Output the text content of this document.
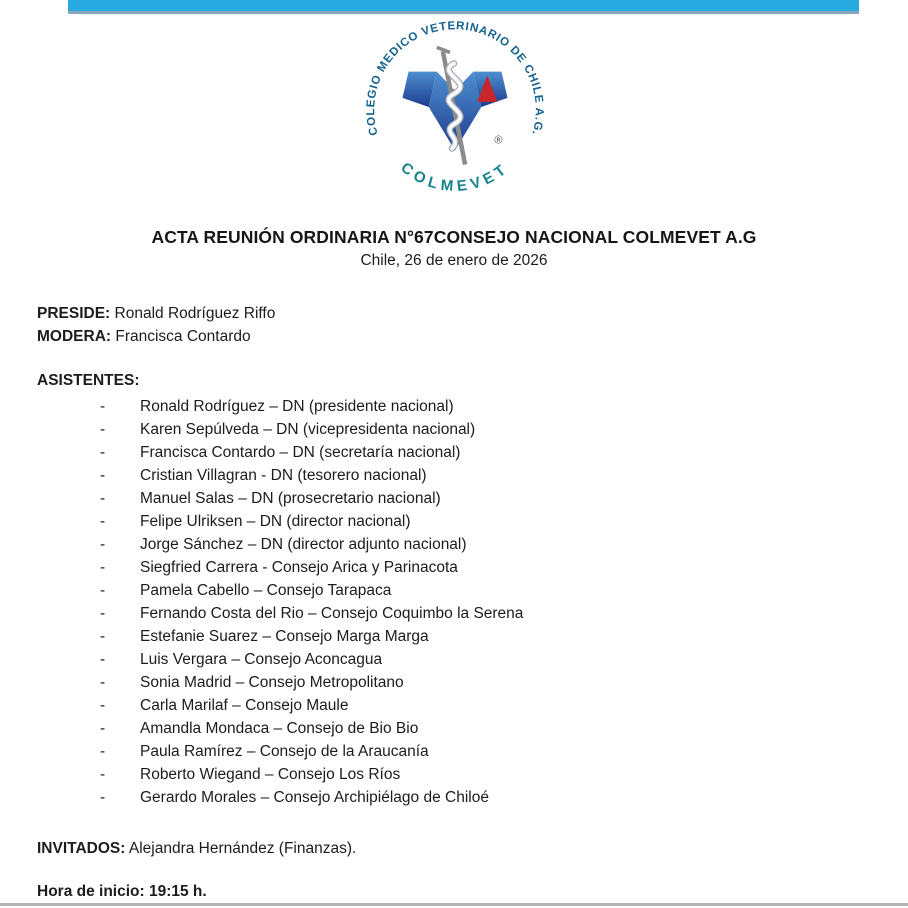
COLEGIO MEDICO VETERINARIO DE CHILE A.G.
COLMEVET
®
ACTA REUNIÓN ORDINARIA N°67CONSEJO NACIONAL COLMEVET A.G
Chile, 26 de enero de 2026
PRESIDE: Ronald Rodríguez Riffo
MODERA: Francisca Contardo
ASISTENTES:
- Ronald Rodríguez – DN (presidente nacional)
- Karen Sepúlveda – DN (vicepresidenta nacional)
- Francisca Contardo – DN (secretaría nacional)
- Cristian Villagran - DN (tesorero nacional)
- Manuel Salas – DN (prosecretario nacional)
- Felipe Ulriksen – DN (director nacional)
- Jorge Sánchez – DN (director adjunto nacional)
- Siegfried Carrera - Consejo Arica y Parinacota
- Pamela Cabello – Consejo Tarapaca
- Fernando Costa del Rio – Consejo Coquimbo la Serena
- Estefanie Suarez – Consejo Marga Marga
- Luis Vergara – Consejo Aconcagua
- Sonia Madrid – Consejo Metropolitano
- Carla Marilaf – Consejo Maule
- Amandla Mondaca – Consejo de Bio Bio
- Paula Ramírez – Consejo de la Araucanía
- Roberto Wiegand – Consejo Los Ríos
- Gerardo Morales – Consejo Archipiélago de Chiloé
INVITADOS: Alejandra Hernández (Finanzas).
Hora de inicio: 19:15 h.
